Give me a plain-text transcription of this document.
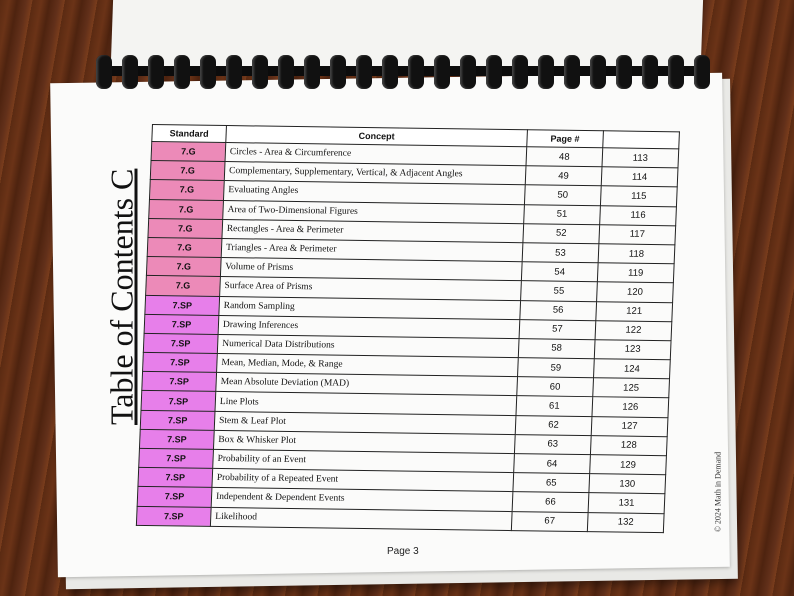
Table of Contents C
Standard	Concept	Page #	Answers
7.G	Circles - Area & Circumference	48	113
7.G	Complementary, Supplementary, Vertical, & Adjacent Angles	49	114
7.G	Evaluating Angles	50	115
7.G	Area of Two-Dimensional Figures	51	116
7.G	Rectangles - Area & Perimeter	52	117
7.G	Triangles - Area & Perimeter	53	118
7.G	Volume of Prisms	54	119
7.G	Surface Area of Prisms	55	120
7.SP	Random Sampling	56	121
7.SP	Drawing Inferences	57	122
7.SP	Numerical Data Distributions	58	123
7.SP	Mean, Median, Mode, & Range	59	124
7.SP	Mean Absolute Deviation (MAD)	60	125
7.SP	Line Plots	61	126
7.SP	Stem & Leaf Plot	62	127
7.SP	Box & Whisker Plot	63	128
7.SP	Probability of an Event	64	129
7.SP	Probability of a Repeated Event	65	130
7.SP	Independent & Dependent Events	66	131
7.SP	Likelihood	67	132
Page 3
© 2024 Math in Demand
